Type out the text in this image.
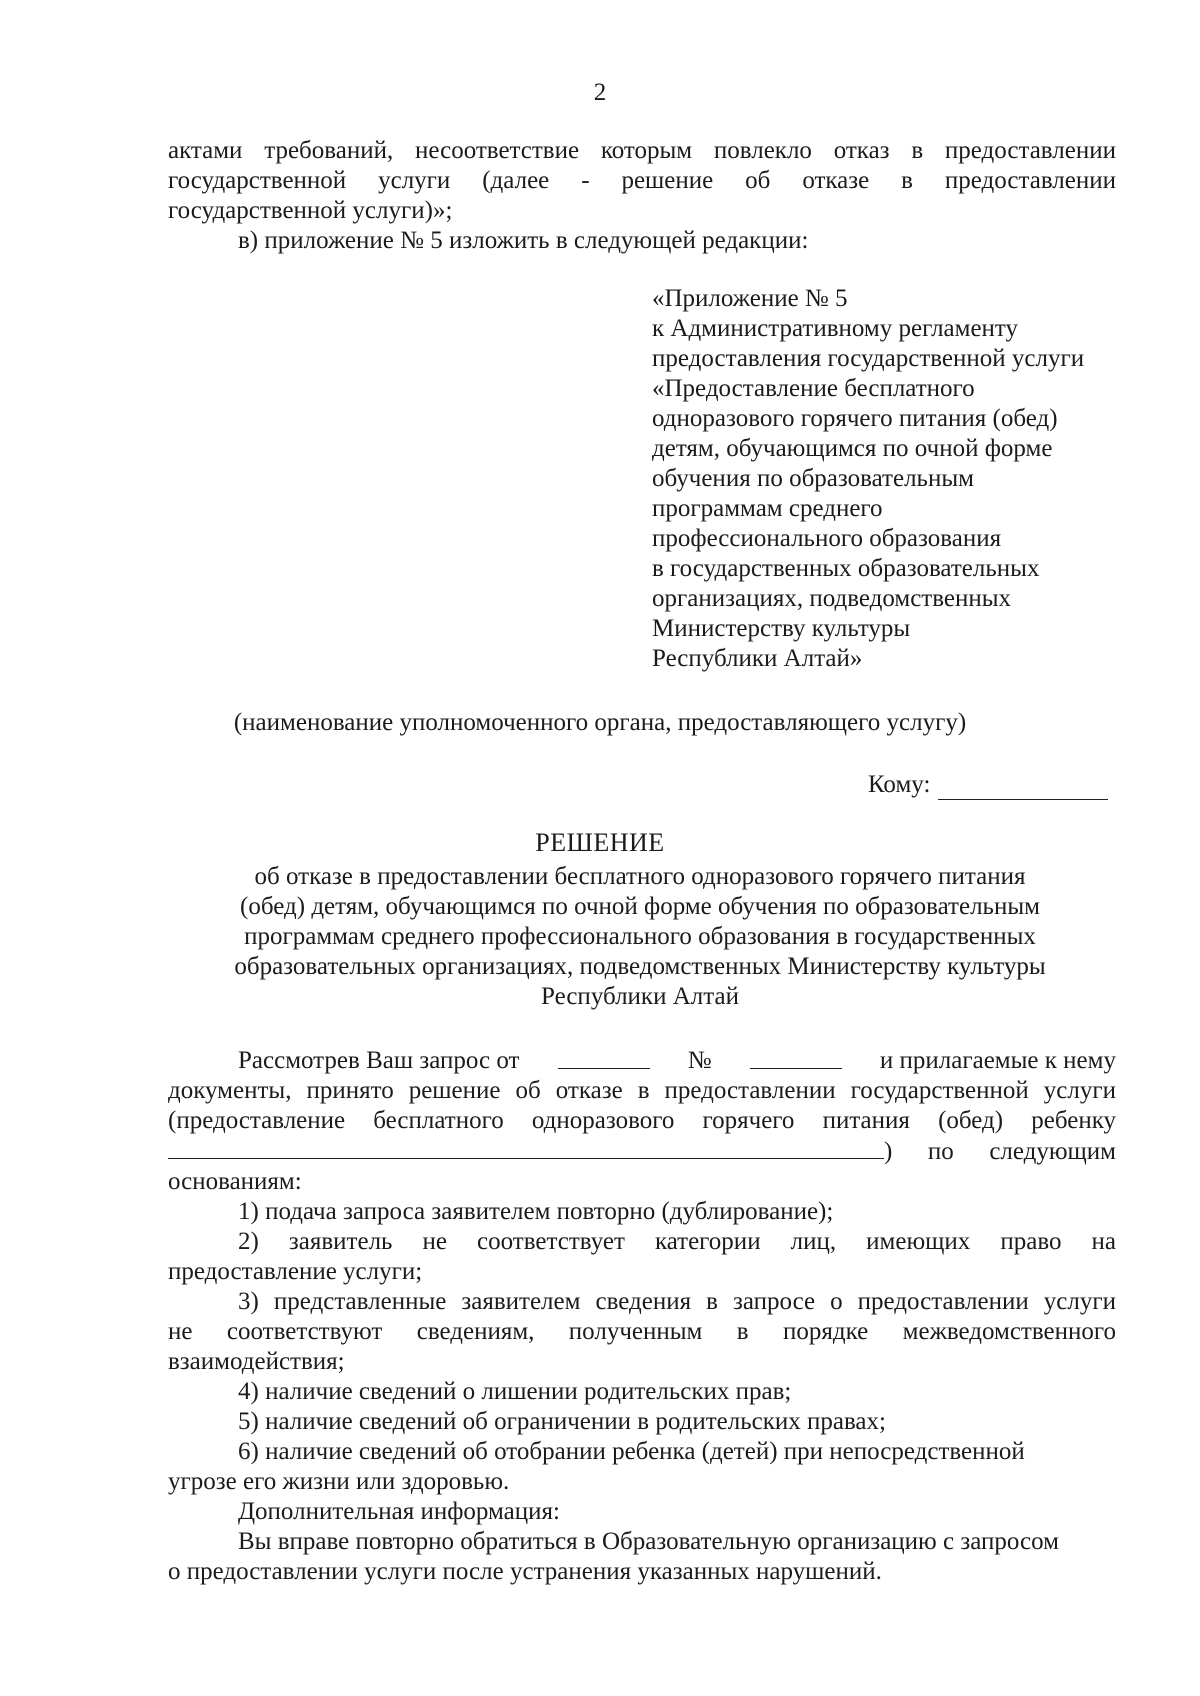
2
актами требований, несоответствие которым повлекло отказ в предоставлении
государственной услуги (далее - решение об отказе в предоставлении
государственной услуги)»;
в) приложение № 5 изложить в следующей редакции:
«Приложение № 5
к Административному регламенту
предоставления государственной услуги
«Предоставление бесплатного
одноразового горячего питания (обед)
детям, обучающимся по очной форме
обучения по образовательным
программам среднего
профессионального образования
в государственных образовательных
организациях, подведомственных
Министерству культуры
Республики Алтай»
(наименование уполномоченного органа, предоставляющего услугу)
Кому:
РЕШЕНИЕ
об отказе в предоставлении бесплатного одноразового горячего питания
(обед) детям, обучающимся по очной форме обучения по образовательным
программам среднего профессионального образования в государственных
образовательных организациях, подведомственных Министерству культуры
Республики Алтай
Рассмотрев Ваш запрос от	№	и прилагаемые к нему
документы, принято решение об отказе в предоставлении государственной услуги
(предоставление бесплатного одноразового горячего питания (обед) ребенку
) по следующим
основаниям:
1) подача запроса заявителем повторно (дублирование);
2) заявитель не соответствует категории лиц, имеющих право на
предоставление услуги;
3) представленные заявителем сведения в запросе о предоставлении услуги
не соответствуют сведениям, полученным в порядке межведомственного
взаимодействия;
4) наличие сведений о лишении родительских прав;
5) наличие сведений об ограничении в родительских правах;
6) наличие сведений об отобрании ребенка (детей) при непосредственной
угрозе его жизни или здоровью.
Дополнительная информация:
Вы вправе повторно обратиться в Образовательную организацию с запросом
о предоставлении услуги после устранения указанных нарушений.
